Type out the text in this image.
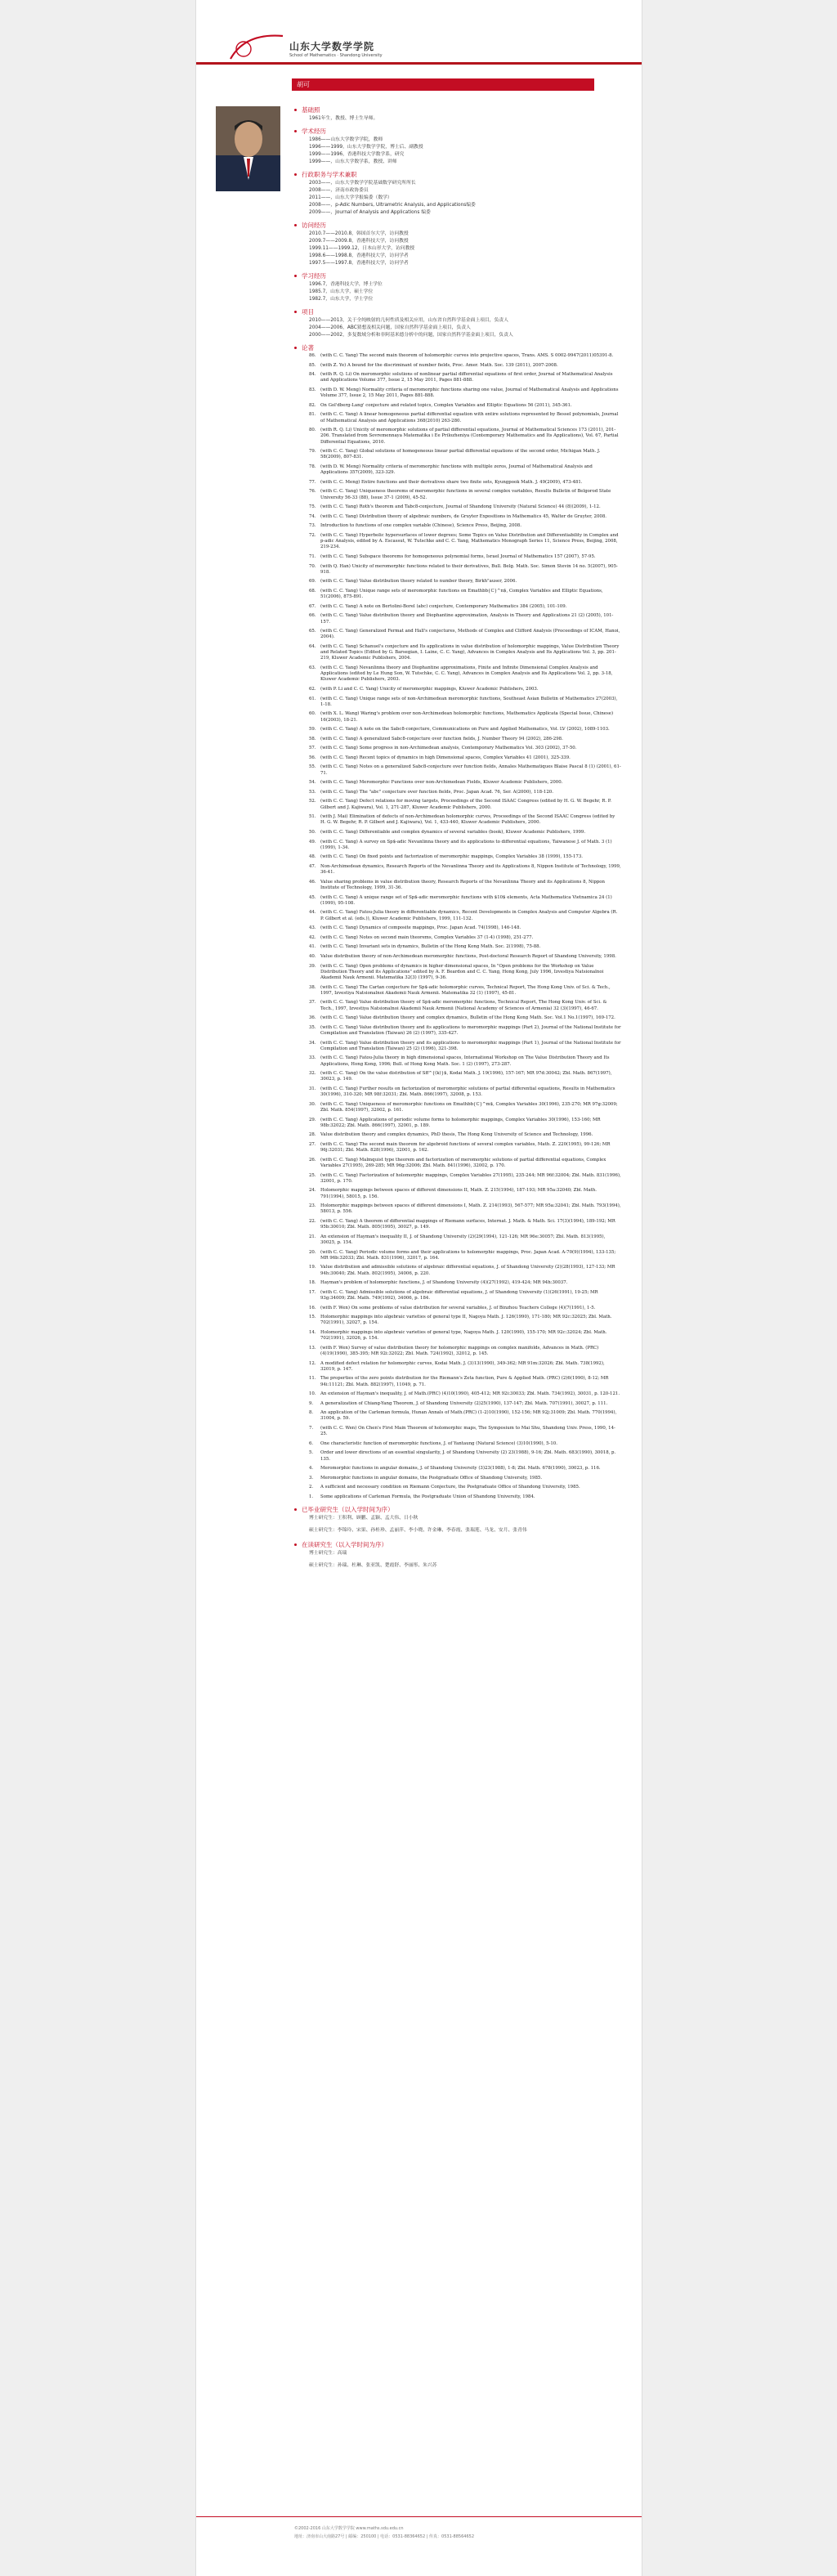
山东大学数学学院
School of Mathematics · Shandong University
胡可
基础照
1961年生，教授、博士生导师。
学术经历
1986——山东大学数学学院，教师
1996——1999，山东大学数学学院，博士后、副教授
1999——1996，香港科技大学数学系，研究
1999——，山东大学数学系，教授、讲师
行政职务与学术兼职
2003——，山东大学数学学院基础数学研究所所长
2008——，济南市政协委员
2011——，山东大学学报编委（数学）
2008——，p-Adic Numbers, Ultrametric Analysis, and Applications编委
2009——，Journal of Analysis and Applications 编委
访问经历
2010.7——2010.8，韩国首尔大学，访问教授
2009.7——2009.8，香港科技大学，访问教授
1999.11——1999.12，日本山形大学，访问教授
1998.6——1998.8，香港科技大学，访问学者
1997.5——1997.8，香港科技大学，访问学者
学习经历
1996.7，香港科技大学，博士学位
1985.7，山东大学，硕士学位
1982.7，山东大学，学士学位
项目
2010——2013，关于全纯映射的几何性质及相关应用，山东省自然科学基金面上项目，负责人
2004——2006，ABC猜想及相关问题，国家自然科学基金面上项目，负责人
2000——2002，多复数域分析和非阿基米德分析中的问题，国家自然科学基金面上项目，负责人
论著
86.	(with C. C. Yang) The second main theorem of holomorphic curves into projective spaces, Trans. AMS. S 0002-9947(2011)05391-8.
85.	(with Z. Ye) A bound for the discriminant of number fields, Proc. Amer. Math. Soc. 139 (2011), 2007-2008.
84.	(with R. Q. Li) On meromorphic solutions of nonlinear partial differential equations of first order, Journal of Mathematical Analysis and Applications Volume 377, Issue 2, 15 May 2011, Pages 881-888.
83.	(with D. W. Meng) Normality criteria of meromorphic functions sharing one value, Journal of Mathematical Analysis and Applications Volume 377, Issue 2, 15 May 2011, Pages 881-888.
82.	On Gol'dberg-Lang' conjecture and related topics, Complex Variables and Elliptic Equations 56 (2011), 345-361.
81.	(with C. C. Yang) A linear homogeneous partial differential equation with entire solutions represented by Bessel polynomials, Journal of Mathematical Analysis and Applications 368(2010) 263-280.
80.	(with R. Q. Li) Unicity of meromorphic solutions of partial differential equations, Journal of Mathematical Sciences 173 (2011), 201-206. Translated from Sovremennaya Matematika i Ee Prilozheniya (Contemporary Mathematics and Its Applications), Vol. 67, Partial Differential Equations, 2010.
79.	(with C. C. Yang) Global solutions of homogeneous linear partial differential equations of the second order, Michigan Math. J. 58(2009), 807-831.
78.	(with D. W. Meng) Normality criteria of meromorphic functions with multiple zeros, Journal of Mathematical Analysis and Applications 357(2009), 323-329.
77.	(with C. C. Meng) Entire functions and their derivatives share two finite sets, Kyungpook Math. J. 49(2009), 473-481.
76.	(with C. C. Yang) Uniqueness theorems of meromorphic functions in several complex variables, Results Bulletin of Belgorod State University 56-33 (88), Issue 37-1 (2009), 45-52.
75.	(with C. C. Yang) Roth's theorem and Tabc8-conjecture, Journal of Shandong University (Natural Science) 44 (8)(2009), 1-12.
74.	(with C. C. Yang) Distribution theory of algebraic numbers, de Gruyter Expositions in Mathematics 45, Walter de Gruyter, 2008.
73.	Introduction to functions of one complex variable (Chinese), Science Press, Beijing, 2008.
72.	(with C. C. Yang) Hyperbolic hypersurfaces of lower degrees; Some Topics on Value Distribution and Differentiability in Complex and p-adic Analysis, edited by A. Escassut, W. Tutschke and C. C. Yang, Mathematics Monograph Series 11, Science Press, Beijing, 2008, 219-234.
71.	(with C. C. Yang) Subspace theorems for homogeneous polynomial forms, Israel Journal of Mathematics 157 (2007), 57-95.
70.	(with Q. Han) Unicity of meromorphic functions related to their derivatives, Bull. Belg. Math. Soc. Simon Stevin 14 no. 5(2007), 905-918.
69.	(with C. C. Yang) Value distribution theory related to number theory, Birkh"auser, 2006.
68.	(with C. C. Yang) Unique range sets of meromorphic functions on Emathbb{C}^n$, Complex Variables and Elliptic Equations, 51(2006), 875-891.
67.	(with C. C. Yang) A note on Bertolini-Borel (abc) conjecture, Contemporary Mathematics 384 (2005), 101-109.
66.	(with C. C. Yang) Value distribution theory and Diophantine approximation, Analysis in Theory and Applications 21 (2) (2005), 101-157.
65.	(with C. C. Yang) Generalized Fermat and Hall's conjectures, Methods of Complex and Clifford Analysis (Proceedings of ICAM, Hanoi, 2004).
64.	(with C. C. Yang) Schanuel's conjecture and Its applications in value distribution of holomorphic mappings, Value Distribution Theory and Related Topics (Edited by G. Barsegian, I. Laine, C. C. Yang), Advances in Complex Analysis and Its Applications Vol. 3, pp. 201-219, Kluwer Academic Publishers, 2004.
63.	(with C. C. Yang) Nevanlinna theory and Diophantine approximations, Finite and Infinite Dimensional Complex Analysis and Applications (edited by Le Hung Son, W. Tutschke, C. C. Yang), Advances in Complex Analysis and Its Applications Vol. 2, pp. 3-18, Kluwer Academic Publishers, 2003.
62.	(with P. Li and C. C. Yang) Unicity of meromorphic mappings, Kluwer Academic Publishers, 2003.
61.	(with C. C. Yang) Unique range sets of non-Archimedean meromorphic functions, Southeast Asian Bulletin of Mathematics 27(2003), 1-18.
60.	(with X. L. Wang) Waring's problem over non-Archimedean holomorphic functions, Mathematics Applicata (Special Issue, Chinese) 16(2003), 18-21.
59.	(with C. C. Yang) A note on the Sabc8-conjecture, Communications on Pure and Applied Mathematics, Vol. LV (2002), 1089-1103.
58.	(with C. C. Yang) A generalized Sabc8-conjecture over function fields, J. Number Theory 94 (2002), 286-298.
57.	(with C. C. Yang) Some progress in non-Archimedean analysis, Contemporary Mathematics Vol. 303 (2002), 37-50.
56.	(with C. C. Yang) Recent topics of dynamics in high Dimensional spaces, Complex Variables 41 (2001), 325-339.
55.	(with C. C. Yang) Notes on a generalized Sabc8-conjecture over function fields, Annales Mathematiques Blaise Pascal 8 (1) (2001), 61-71.
54.	(with C. C. Yang) Meromorphic Functions over non-Archimedean Fields, Kluwer Academic Publishers, 2000.
53.	(with C. C. Yang) The "abc" conjecture over function fields, Proc. Japan Acad. 76, Ser. A(2000), 118-120.
52.	(with C. C. Yang) Defect relations for moving targets, Proceedings of the Second ISAAC Congress (edited by H. G. W. Begehr, R. P. Gilbert and J. Kajiwara), Vol. 1, 271-287, Kluwer Academic Publishers, 2000.
51.	(with J. Mai) Elimination of defects of non-Archimedean holomorphic curves, Proceedings of the Second ISAAC Congress (edited by H. G. W. Begehr, R. P. Gilbert and J. Kajiwara), Vol. 1, 433-440, Kluwer Academic Publishers, 2000.
50.	(with C. C. Yang) Differentiable and complex dynamics of several variables (book), Kluwer Academic Publishers, 1999.
49.	(with C. C. Yang) A survey on Sp$-adic Nevanlinna theory and its applications to differential equations, Taiwanese J. of Math. 3 (1) (1999), 1-34.
48.	(with C. C. Yang) On fixed points and factorization of meromorphic mappings, Complex Variables 38 (1999), 155-173.
47.	Non-Archimedean dynamics, Research Reports of the Nevanlinna Theory and its Applications 8, Nippon Institute of Technology, 1999, 36-41.
46.	Value sharing problems in value distribution theory, Research Reports of the Nevanlinna Theory and its Applications 8, Nippon Institute of Technology, 1999, 31-36.
45.	(with C. C. Yang) A unique range set of Sp$-adic meromorphic functions with $10$ elements, Acta Mathematica Vietnamica 24 (1) (1999), 95-108.
44.	(with C. C. Yang) Fatou-Julia theory in differentiable dynamics, Recent Developments in Complex Analysis and Computer Algebra (R. P. Gilbert et al. (eds.)), Kluwer Academic Publishers, 1999, 111-132.
43.	(with C. C. Yang) Dynamics of composite mappings, Proc. Japan Acad. 74(1998), 146-148.
42.	(with C. C. Yang) Notes on second main theorems, Complex Variables 37 (1-4) (1998), 251-277.
41.	(with C. C. Yang) Invariant sets in dynamics, Bulletin of the Hong Kong Math. Soc. 2(1998), 75-88.
40.	Value distribution theory of non-Archimedean meromorphic functions, Post-doctoral Research Report of Shandong University, 1998.
39.	(with C. C. Yang) Open problems of dynamics in higher dimensional spaces, In "Open problems for the Workshop on Value Distribution Theory and its Applications" edited by A. F. Beardon and C. C. Yang, Hong Kong, July 1996, Izvestiya Natsionalnoi Akademii Nauk Armenii. Matematika 32(3) (1997), 9-36.
38.	(with C. C. Yang) The Cartan conjecture for Sp$-adic holomorphic curves, Technical Report, The Hong Kong Univ. of Sci. & Tech., 1997, Izvestiya Natsionalnoi Akademii Nauk Armenii. Matematika 32 (1) (1997), 45-81.
37.	(with C. C. Yang) Value distribution theory of Sp$-adic meromorphic functions, Technical Report, The Hong Kong Univ. of Sci. & Tech., 1997, Izvestiya Natsionalnoi Akademii Nauk Armenii (National Academy of Sciences of Armenia) 32 (3)(1997), 46-67.
36.	(with C. C. Yang) Value distribution theory and complex dynamics, Bulletin of the Hong Kong Math. Soc. Vol.1 No.1(1997), 169-172.
35.	(with C. C. Yang) Value distribution theory and its applications to meromorphic mappings (Part 2), Journal of the National Institute for Compilation and Translation (Taiwan) 26 (2) (1997), 335-427.
34.	(with C. C. Yang) Value distribution theory and its applications to meromorphic mappings (Part 1), Journal of the National Institute for Compilation and Translation (Taiwan) 25 (2) (1996), 321-398.
33.	(with C. C. Yang) Fatou-Julia theory in high dimensional spaces, International Workshop on The Value Distribution Theory and Its Applications, Hong Kong, 1996; Bull. of Hong Kong Math. Soc. 1 (2) (1997), 273-287.
32.	(with C. C. Yang) On the value distribution of Sff^{(k)}$, Kodai Math. J. 19(1996), 157-167; MR 97d:30042; Zbl. Math. 867(1997), 30023, p. 149.
31.	(with C. C. Yang) Further results on factorization of meromorphic solutions of partial differential equations, Results in Mathematics 30(1996), 310-320; MR 98f:32031; Zbl. Math. 866(1997), 32008, p. 153.
30.	(with C. C. Yang) Uniqueness of meromorphic functions on Emathbb{C}^m$, Complex Variables 30(1996), 235-270; MR 97g:32009; Zbl. Math. 854(1997), 32002, p. 161.
29.	(with C. C. Yang) Applications of periodic volume forms to holomorphic mappings, Complex Variables 30(1996), 153-160; MR 98b:32022; Zbl. Math. 866(1997), 32001, p. 189.
28.	Value distribution theory and complex dynamics, PhD thesis, The Hong Kong University of Science and Technology, 1996.
27.	(with C. C. Yang) The second main theorem for algebroid functions of several complex variables, Math. Z. 220(1995), 99-126; MR 96j:32031; Zbl. Math. 828(1996), 32001, p. 162.
26.	(with C. C. Yang) Malmquist type theorem and factorization of meromorphic solutions of partial differential equations, Complex Variables 27(1995), 269-285; MR 96g:32006; Zbl. Math. 841(1996), 32002, p. 170.
25.	(with C. C. Yang) Factorization of holomorphic mappings, Complex Variables 27(1995), 235-244; MR 96f:32004; Zbl. Math. 831(1996), 32001, p. 170.
24.	Holomorphic mappings between spaces of different dimensions II, Math. Z. 215(1994), 187-193; MR 95a:32040; Zbl. Math. 791(1994), 58015, p. 156.
23.	Holomorphic mappings between spaces of different dimensions I, Math. Z. 214(1993), 567-577; MR 95a:32041; Zbl. Math. 793(1994), 58013, p. 556.
22.	(with C. C. Yang) A theorem of differential mappings of Riemann surfaces, Internat. J. Math. & Math. Sci. 17(3)(1994), 189-192; MR 95b:30010; Zbl. Math. 805(1995), 30027, p. 149.
21.	An extension of Hayman's inequality II, J. of Shandong University (2)(29(1994), 121-126; MR 96e:30057; Zbl. Math. 813(1995), 30025, p. 154.
20.	(with C. C. Yang) Periodic volume forms and their applications to holomorphic mappings, Proc. Japan Acad. A-70(9)(1994), 133-135; MR 96b:32033; Zbl. Math. 831(1996), 32017, p. 164.
19.	Value distribution and admissible solutions of algebraic differential equations, J. of Shandong University (2)(28(1993), 127-133; MR 94h:30040; Zbl. Math. 802(1995), 34006, p. 220.
18.	Hayman's problem of holomorphic functions, J. of Shandong University (4)(27(1992), 419-424; MR 94h:30037.
17.	(with C. C. Yang) Admissible solutions of algebraic differential equations, J. of Shandong University (1)(26(1991), 19-25; MR 93g:34009; Zbl. Math. 749(1992), 34006, p. 184.
16.	(with F. Wen) On some problems of value distribution for several variables, J. of Binzhou Teachers College (4)(7(1991), 1-5.
15.	Holomorphic mappings into algebraic varieties of general type II, Nagoya Math. J. 126(1990), 171-180; MR 92c:32025; Zbl. Math. 702(1991), 32027, p. 154.
14.	Holomorphic mappings into algebraic varieties of general type, Nagoya Math. J. 120(1990), 155-170; MR 92c:32024; Zbl. Math. 702(1991), 32026, p. 154.
13.	(with F. Wen) Survey of value distribution theory for holomorphic mappings on complex manifolds, Advances in Math. (PRC) (4)19(1990), 385-395; MR 92i:32022; Zbl. Math. 724(1992), 32012, p. 145.
12.	A modified defect relation for holomorphic curves, Kodai Math. J. (3)13(1990), 349-362; MR 91m:32026; Zbl. Math. 738(1992), 32019, p. 147.
11.	The properties of the zero points distribution for the Riemann's Zeta function, Pure & Applied Math. (PRC) (2)6(1990), 8-12; MR 94i:11121; Zbl. Math. 882(1997), 11049, p. 71.
10.	An extension of Hayman's inequality, J. of Math.(PRC) (4)10(1990), 405-412; MR 92i:30033; Zbl. Math. 734(1992), 30031, p. 120-121.
9.	A generalization of Chiang-Yang Theorem, J. of Shandong University (2)25(1990), 137-147; Zbl. Math. 707(1991), 30027, p. 111.
8.	An application of the Carleman formula, Hunan Annals of Math.(PRC) (1-2)10(1990), 152-156; MR 92j:31009; Zbl. Math. 770(1994), 31004, p. 59.
7.	(with C. C. Wen) On Chen's First Main Theorem of holomorphic maps, The Symposium to Mai Shu, Shandong Univ. Press, 1990, 14-25.
6.	One characteristic function of meromorphic functions, J. of Yantaung (Natural Science) (3)10(1990), 5-10.
5.	Order and lower directions of an essential singularity, J. of Shandong University (2) 23(1988), 9-16; Zbl. Math. 683(1990), 30018, p. 135.
4.	Meromorphic functions in angular domains, J. of Shandong University (3)23(1988), 1-8; Zbl. Math. 678(1990), 30023, p. 116.
3.	Meromorphic functions in angular domains, the Postgraduate Office of Shandong University, 1985.
2.	A sufficient and necessary condition on Riemann Conjecture, the Postgraduate Office of Shandong University, 1985.
1.	Some applications of Carleman Formula, the Postgraduate Union of Shandong University, 1984.
已毕业研究生（以入学时间为序）
博士研究生：王积利、顾鹏、孟颖、孟大伟、日小秋
硕士研究生：李锦玲、宋果、孙桂珍、孟丽萍、李小晓、许金琳、李春霞、张瑞莲、马龙、安月、张青伟
在读研究生（以入学时间为序）
博士研究生：高瑞
硕士研究生：孙瑞、杜琳、张亚凯、楚霞舒、李丽彤、朱兴苏
©2002-2016 山东大学数学学院 www.maths.sdu.edu.cn
地址：济南市山大南路27号 | 邮编：250100 | 电话：0531-88364652 | 传真：0531-88564652
